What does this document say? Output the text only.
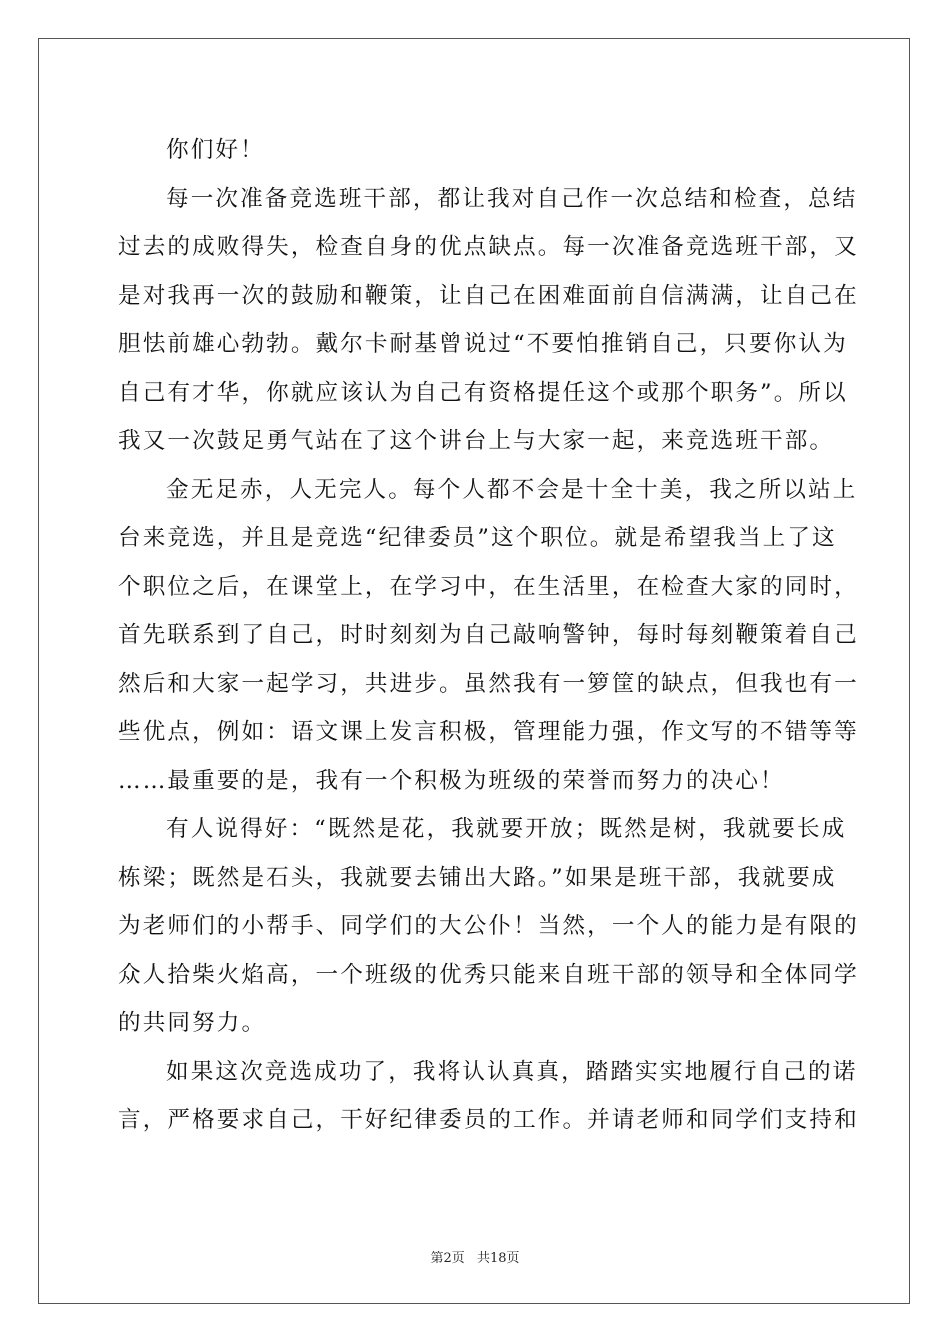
你们好！
每一次准备竞选班干部，都让我对自己作一次总结和检查，总结
过去的成败得失，检查自身的优点缺点。每一次准备竞选班干部，又
是对我再一次的鼓励和鞭策，让自己在困难面前自信满满，让自己在
胆怯前雄心勃勃。戴尔卡耐基曾说过“不要怕推销自己，只要你认为
自己有才华，你就应该认为自己有资格提任这个或那个职务”。所以
我又一次鼓足勇气站在了这个讲台上与大家一起，来竞选班干部。
金无足赤，人无完人。每个人都不会是十全十美，我之所以站上
台来竞选，并且是竞选“纪律委员”这个职位。就是希望我当上了这
个职位之后，在课堂上，在学习中，在生活里，在检查大家的同时，
首先联系到了自己，时时刻刻为自己敲响警钟，每时每刻鞭策着自己
然后和大家一起学习，共进步。虽然我有一箩筐的缺点，但我也有一
些优点，例如：语文课上发言积极，管理能力强，作文写的不错等等
……最重要的是，我有一个积极为班级的荣誉而努力的决心！
有人说得好：“既然是花，我就要开放；既然是树，我就要长成
栋梁；既然是石头，我就要去铺出大路。”如果是班干部，我就要成
为老师们的小帮手、同学们的大公仆！当然，一个人的能力是有限的
众人拾柴火焰高，一个班级的优秀只能来自班干部的领导和全体同学
的共同努力。
如果这次竞选成功了，我将认认真真，踏踏实实地履行自己的诺
言，严格要求自己，干好纪律委员的工作。并请老师和同学们支持和
第2页 共18页
